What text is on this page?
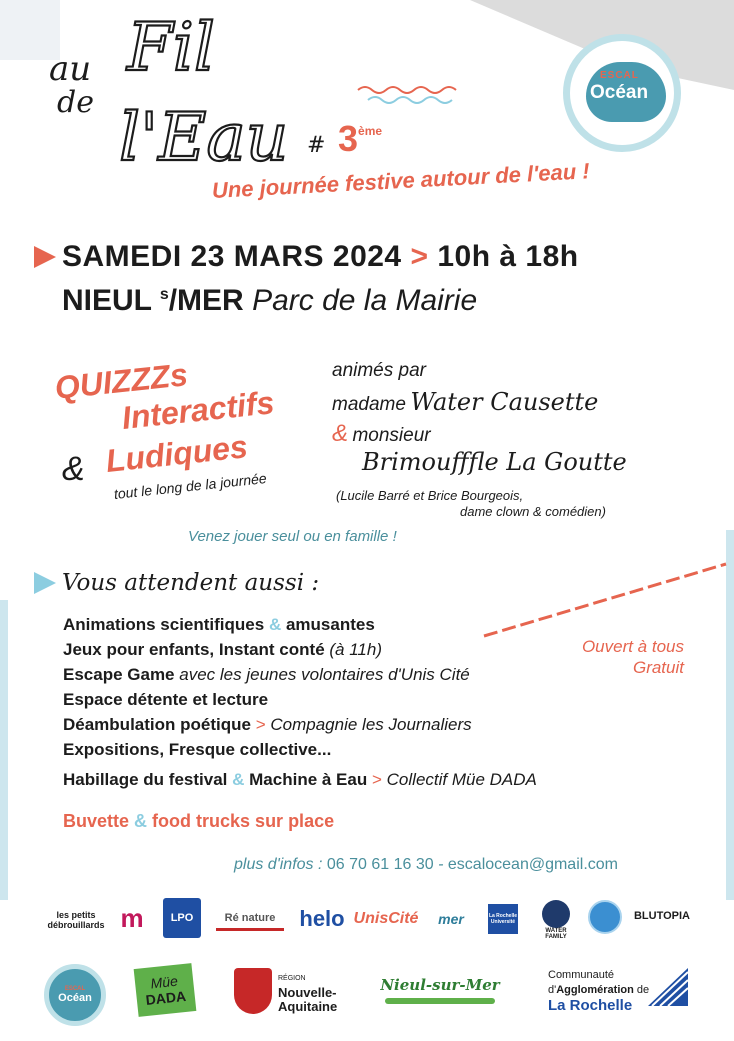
au Fil
de l'Eau # 3ème
ESCAL
Océan
Une journée festive autour de l'eau !
SAMEDI 23 MARS 2024 > 10h à 18h
NIEUL $^s$/MER Parc de la Mairie
QUIZZZs
Interactifs
& Ludiques
tout le long de la journée
animés par
madame Water Causette
& monsieur
Brimoufffle La Goutte
(Lucile Barré et Brice Bourgeois,
dame clown & comédien)
Venez jouer seul ou en famille !
Vous attendent aussi :
Animations scientifiques & amusantes
Jeux pour enfants, Instant conté (à 11h)
Escape Game avec les jeunes volontaires d'Unis Cité
Espace détente et lecture
Déambulation poétique > Compagnie les Journaliers
Expositions, Fresque collective...
Habillage du festival & Machine à Eau > Collectif Müe DADA
Ouvert à tous
Gratuit
Buvette & food trucks sur place
plus d'infos : 06 70 61 16 30 - escalocean@gmail.com
les petits débrouillards m	LPO	Ré nature	helo UnisCité	mer	La Rochelle Université
WATER FAMILY
BLUTOPIA
ESCAL
Océan
Müe
DADA
RÉGION
Nouvelle-
Aquitaine
Nieul-sur-Mer
Communauté
d'Agglomération de
La Rochelle
